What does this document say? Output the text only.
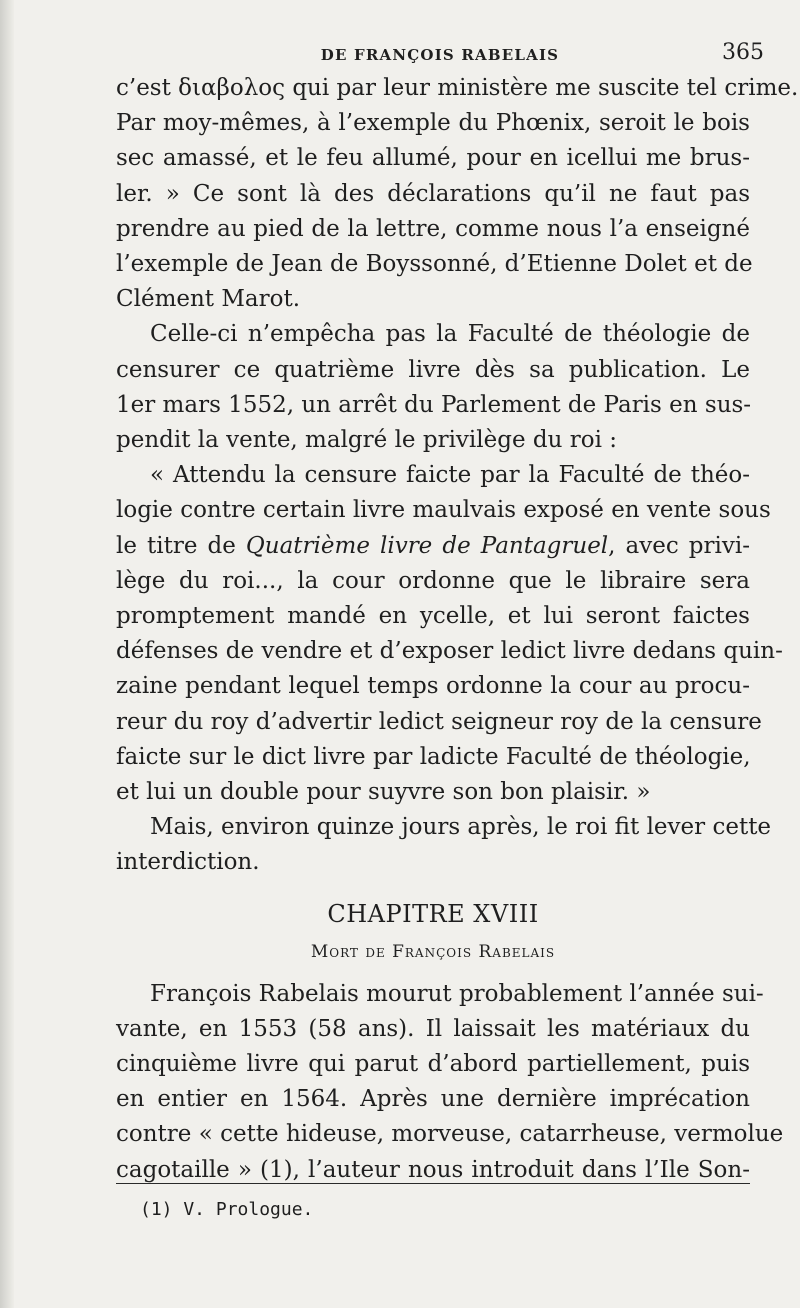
DE FRANÇOIS RABELAIS	365

c’est διαβολος qui par leur ministère me suscite tel crime.

Par moy-mêmes, à l’exemple du Phœnix, seroit le bois

sec amassé, et le feu allumé, pour en icellui me brus-

ler. » Ce sont là des déclarations qu’il ne faut pas

prendre au pied de la lettre, comme nous l’a enseigné

l’exemple de Jean de Boyssonné, d’Etienne Dolet et de

Clément Marot.

Celle-ci n’empêcha pas la Faculté de théologie de

censurer ce quatrième livre dès sa publication. Le

1er mars 1552, un arrêt du Parlement de Paris en sus-

pendit la vente, malgré le privilège du roi :

« Attendu la censure faicte par la Faculté de théo-

logie contre certain livre maulvais exposé en vente sous

le titre de Quatrième livre de Pantagruel, avec privi-

lège du roi..., la cour ordonne que le libraire sera

promptement mandé en ycelle, et lui seront faictes

défenses de vendre et d’exposer ledict livre dedans quin-

zaine pendant lequel temps ordonne la cour au procu-

reur du roy d’advertir ledict seigneur roy de la censure

faicte sur le dict livre par ladicte Faculté de théologie,

et lui un double pour suyvre son bon plaisir. »

Mais, environ quinze jours après, le roi fit lever cette

interdiction.

CHAPITRE XVIII
Mort de François Rabelais

François Rabelais mourut probablement l’année sui-

vante, en 1553 (58 ans). Il laissait les matériaux du

cinquième livre qui parut d’abord partiellement, puis

en entier en 1564. Après une dernière imprécation

contre « cette hideuse, morveuse, catarrheuse, vermolue

cagotaille » (1), l’auteur nous introduit dans l’Ile Son-

(1) V. Prologue.
